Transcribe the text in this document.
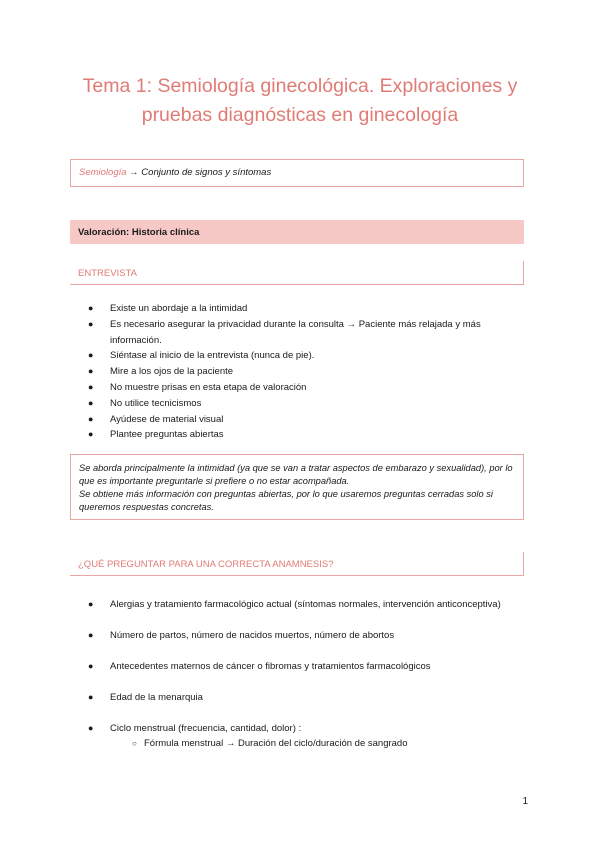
Tema 1: Semiología ginecológica. Exploraciones y
pruebas diagnósticas en ginecología
Semiología → Conjunto de signos y síntomas
Valoración: Historia clínica
ENTREVISTA
● Existe un abordaje a la intimidad
● Es necesario asegurar la privacidad durante la consulta → Paciente más relajada y más información.
● Siéntase al inicio de la entrevista (nunca de pie).
● Mire a los ojos de la paciente
● No muestre prisas en esta etapa de valoración
● No utilice tecnicismos
● Ayúdese de material visual
● Plantee preguntas abiertas

Se aborda principalmente la intimidad (ya que se van a tratar aspectos de embarazo y sexualidad), por lo que es importante preguntarle si prefiere o no estar acompañada.

Se obtiene más información con preguntas abiertas, por lo que usaremos preguntas cerradas solo si queremos respuestas concretas.

¿QUÉ PREGUNTAR PARA UNA CORRECTA ANAMNESIS?
● Alergias y tratamiento farmacológico actual (síntomas normales, intervención anticonceptiva)
● Número de partos, número de nacidos muertos, número de abortos
● Antecedentes maternos de cáncer o fibromas y tratamientos farmacológicos
● Edad de la menarquia
● Ciclo menstrual (frecuencia, cantidad, dolor) :
○ Fórmula menstrual → Duración del ciclo/duración de sangrado
1
